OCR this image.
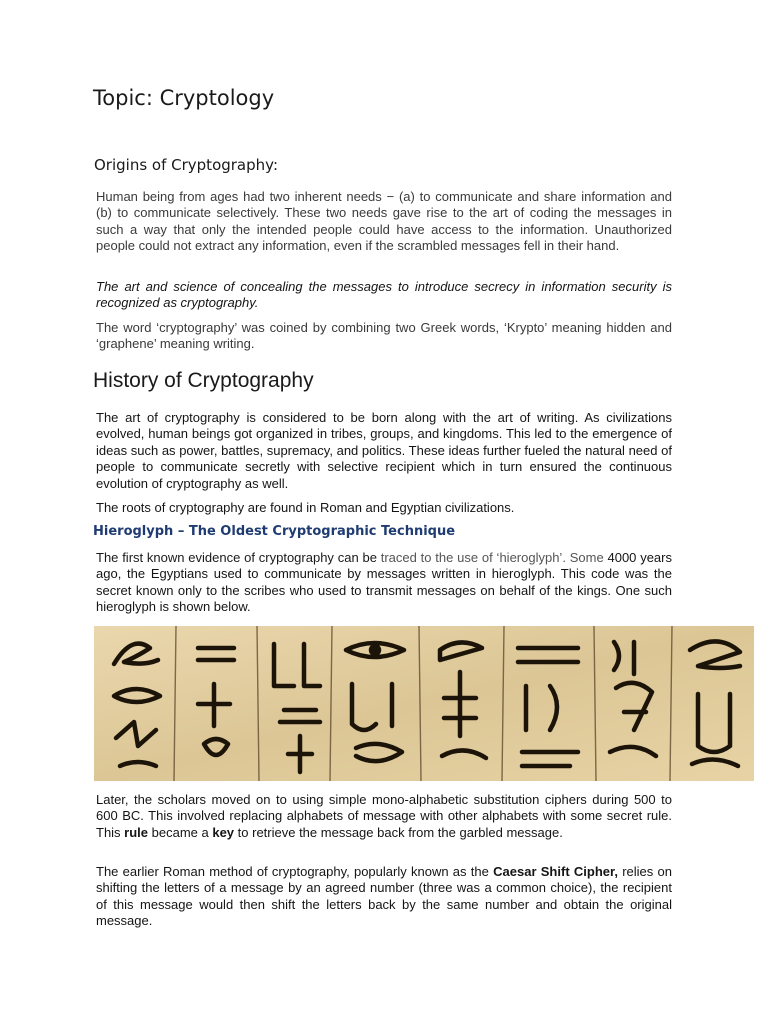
Topic: Cryptology
Origins of Cryptography:
Human being from ages had two inherent needs − (a) to communicate and share information and (b) to communicate selectively. These two needs gave rise to the art of coding the messages in such a way that only the intended people could have access to the information. Unauthorized people could not extract any information, even if the scrambled messages fell in their hand.
The art and science of concealing the messages to introduce secrecy in information security is recognized as cryptography.
The word ‘cryptography’ was coined by combining two Greek words, ‘Krypto’ meaning hidden and ‘graphene’ meaning writing.
History of Cryptography
The art of cryptography is considered to be born along with the art of writing. As civilizations evolved, human beings got organized in tribes, groups, and kingdoms. This led to the emergence of ideas such as power, battles, supremacy, and politics. These ideas further fueled the natural need of people to communicate secretly with selective recipient which in turn ensured the continuous evolution of cryptography as well.
The roots of cryptography are found in Roman and Egyptian civilizations.
Hieroglyph – The Oldest Cryptographic Technique
The first known evidence of cryptography can be traced to the use of ‘hieroglyph’. Some 4000 years ago, the Egyptians used to communicate by messages written in hieroglyph. This code was the secret known only to the scribes who used to transmit messages on behalf of the kings. One such hieroglyph is shown below.
Later, the scholars moved on to using simple mono-alphabetic substitution ciphers during 500 to 600 BC. This involved replacing alphabets of message with other alphabets with some secret rule. This rule became a key to retrieve the message back from the garbled message.
The earlier Roman method of cryptography, popularly known as the Caesar Shift Cipher, relies on shifting the letters of a message by an agreed number (three was a common choice), the recipient of this message would then shift the letters back by the same number and obtain the original message.
